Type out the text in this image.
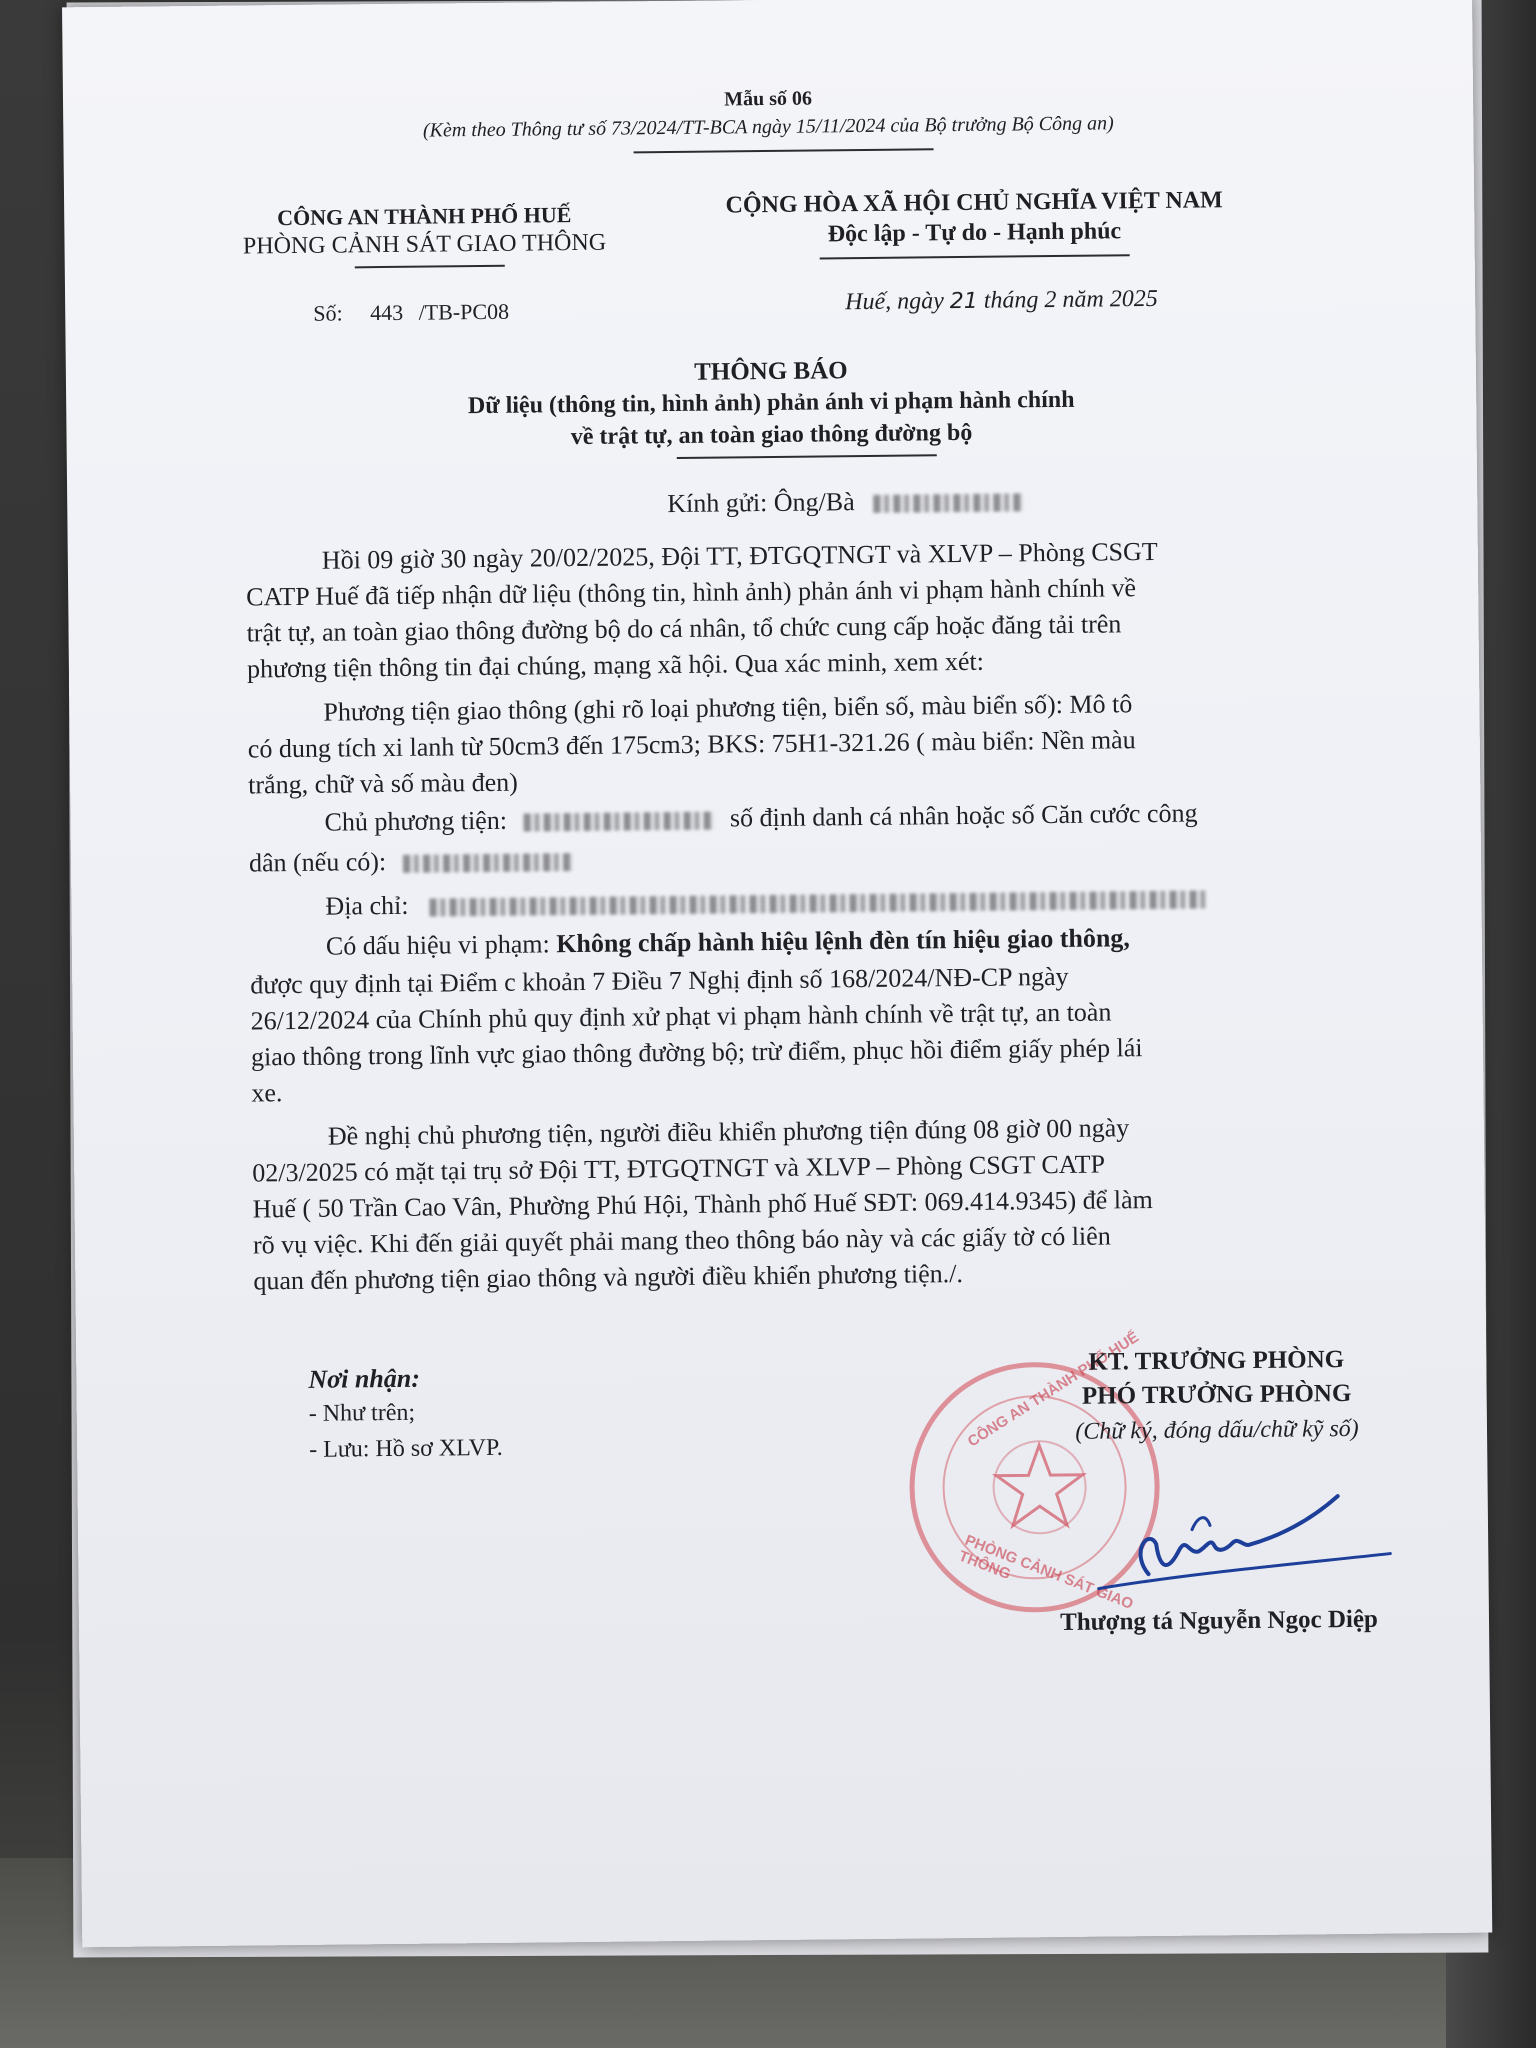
Mẫu số 06
(Kèm theo Thông tư số 73/2024/TT-BCA ngày 15/11/2024 của Bộ trưởng Bộ Công an)
CÔNG AN THÀNH PHỐ HUẾ
PHÒNG CẢNH SÁT GIAO THÔNG
Số: 443 /TB-PC08
CỘNG HÒA XÃ HỘI CHỦ NGHĨA VIỆT NAM
Độc lập - Tự do - Hạnh phúc
Huế, ngày 21 tháng 2 năm 2025
THÔNG BÁO
Dữ liệu (thông tin, hình ảnh) phản ánh vi phạm hành chính
về trật tự, an toàn giao thông đường bộ
Kính gửi: Ông/Bà
Hồi 09 giờ 30 ngày 20/02/2025, Đội TT, ĐTGQTNGT và XLVP – Phòng CSGT
CATP Huế đã tiếp nhận dữ liệu (thông tin, hình ảnh) phản ánh vi phạm hành chính về
trật tự, an toàn giao thông đường bộ do cá nhân, tổ chức cung cấp hoặc đăng tải trên
phương tiện thông tin đại chúng, mạng xã hội. Qua xác minh, xem xét:
Phương tiện giao thông (ghi rõ loại phương tiện, biển số, màu biển số): Mô tô
có dung tích xi lanh từ 50cm3 đến 175cm3; BKS: 75H1-321.26 ( màu biển: Nền màu
trắng, chữ và số màu đen)
Chủ phương tiện:	số định danh cá nhân hoặc số Căn cước công
dân (nếu có):
Địa chỉ:
Có dấu hiệu vi phạm: Không chấp hành hiệu lệnh đèn tín hiệu giao thông,
được quy định tại Điểm c khoản 7 Điều 7 Nghị định số 168/2024/NĐ-CP ngày
26/12/2024 của Chính phủ quy định xử phạt vi phạm hành chính về trật tự, an toàn
giao thông trong lĩnh vực giao thông đường bộ; trừ điểm, phục hồi điểm giấy phép lái
xe.
Đề nghị chủ phương tiện, người điều khiển phương tiện đúng 08 giờ 00 ngày
02/3/2025 có mặt tại trụ sở Đội TT, ĐTGQTNGT và XLVP – Phòng CSGT CATP
Huế ( 50 Trần Cao Vân, Phường Phú Hội, Thành phố Huế SĐT: 069.414.9345) để làm
rõ vụ việc. Khi đến giải quyết phải mang theo thông báo này và các giấy tờ có liên
quan đến phương tiện giao thông và người điều khiển phương tiện./.
Nơi nhận:
- Như trên;
- Lưu: Hồ sơ XLVP.	CÔNG AN THÀNH PHỐ HUẾ
PHÒNG CẢNH SÁT GIAO THÔNG
KT. TRƯỞNG PHÒNG
PHÓ TRƯỞNG PHÒNG
(Chữ ký, đóng dấu/chữ kỹ số)
Thượng tá Nguyễn Ngọc Diệp
